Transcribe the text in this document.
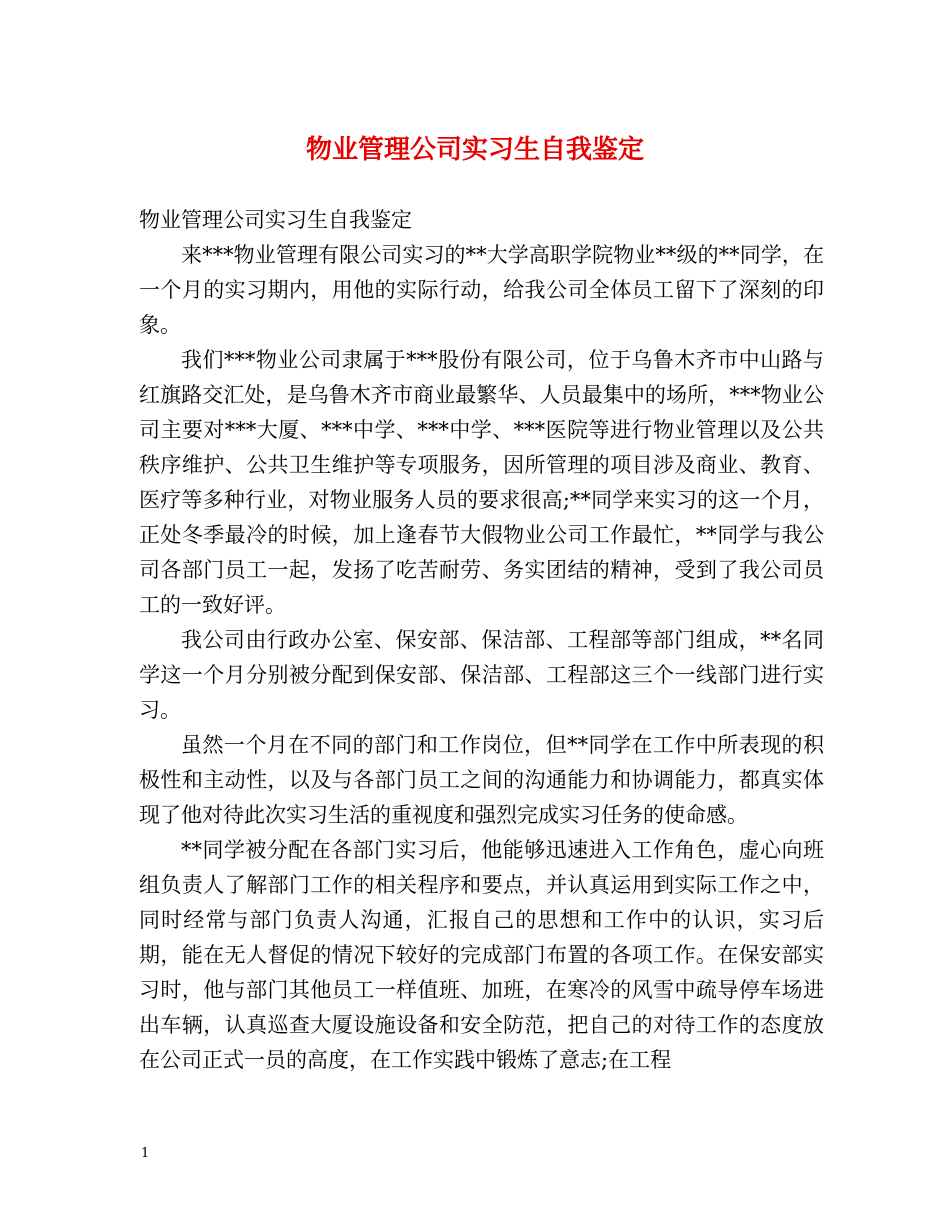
物业管理公司实习生自我鉴定

物业管理公司实习生自我鉴定

来***物业管理有限公司实习的**大学高职学院物业**级的**同学，在一个月的实习期内，用他的实际行动，给我公司全体员工留下了深刻的印象。

我们***物业公司隶属于***股份有限公司，位于乌鲁木齐市中山路与红旗路交汇处，是乌鲁木齐市商业最繁华、人员最集中的场所，***物业公司主要对***大厦、***中学、***中学、***医院等进行物业管理以及公共秩序维护、公共卫生维护等专项服务，因所管理的项目涉及商业、教育、医疗等多种行业，对物业服务人员的要求很高;**同学来实习的这一个月，正处冬季最冷的时候，加上逢春节大假物业公司工作最忙，**同学与我公司各部门员工一起，发扬了吃苦耐劳、务实团结的精神，受到了我公司员工的一致好评。

我公司由行政办公室、保安部、保洁部、工程部等部门组成，**名同学这一个月分别被分配到保安部、保洁部、工程部这三个一线部门进行实习。

虽然一个月在不同的部门和工作岗位，但**同学在工作中所表现的积极性和主动性，以及与各部门员工之间的沟通能力和协调能力，都真实体现了他对待此次实习生活的重视度和强烈完成实习任务的使命感。

**同学被分配在各部门实习后，他能够迅速进入工作角色，虚心向班组负责人了解部门工作的相关程序和要点，并认真运用到实际工作之中，同时经常与部门负责人沟通，汇报自己的思想和工作中的认识，实习后期，能在无人督促的情况下较好的完成部门布置的各项工作。在保安部实习时，他与部门其他员工一样值班、加班，在寒冷的风雪中疏导停车场进出车辆，认真巡查大厦设施设备和安全防范，把自己的对待工作的态度放在公司正式一员的高度，在工作实践中锻炼了意志;在工程

1
